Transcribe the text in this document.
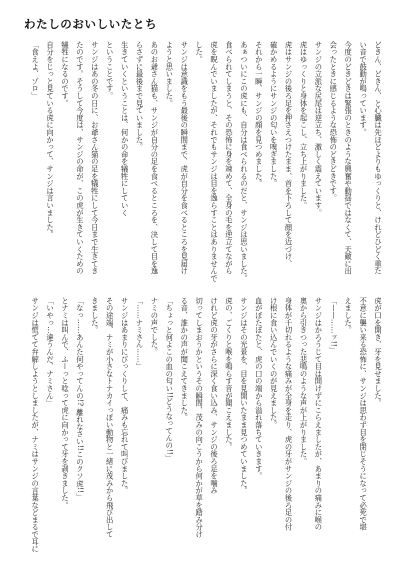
わたしのおいしいたとち
どきん、どきん、と心臓は先ほどよりもゆっくりと、けれどひどく重た
い音で鼓動が鳴っています。
今度のどきどきは緊張のときのような興奮や動揺ではなくて、天敵に出
会ったときに感じるような恐怖のどきどきです。
サンジの立派な尻尾は逆立ち、激しく震えています。
虎はゆっくりと身体を起こし、立ち上がりました。
虎はサンジの後ろ足を押さえつけたまま、首を下ろして顔を近づけ、
確かめるようにサンジの匂いを嗅ぎました。
それから一瞬、サンジの顔を見つめました。
あぁついにこの虎にも、自分は食べられるのだと、サンジは思いました。
食べられてしまうと、その恐怖に身を竦めて、全身の毛を逆立てながら
虎を睨んでいましたが、それでもサンジは目を逸らすことはありませんで
した。
サンジは意識をもう最後の瞬間まで、虎が自分を食べるところを見届け
ようと思いました。
あのお爺さん猫も、サンジが自分の足を食べるところを、決して目を逸
らさずに最後まで見ていました。
生きていくということは、何かの命を犠牲にしていく
ということです。
サンジはあの冬の日に、お爺さん猫の足を犠牲にして今日まで生きてき
たのです。そうして今度は、サンジの命が、この虎が生きていくための
犠牲になるのです。
自分をじっと見ている虎に向かって、サンジは言いました。
「食えよ、ゾロ」
虎が口を開き、牙を見せました。
不意に襲い来る恐怖に、サンジは思わず目を閉じそうになって必死で堪
えました。
「——……ッ!!」
サンジはかろうじて目は開けずにこらえましたが、あまりの痛みに喉の
奥から引きつった悲鳴のような声が上がりました。
身体が千切れるような痛みが全身を走り、虎の牙がサンジの後ろ足の付
け根に食い込んでいくのが見えました。
血がぼたぼたと、虎の口の端から溢れ落ちていきます。
サンジはその光景を、目を見開いたまま見つめていました。
虎の、ごくりと喉を鳴らす音が聞こえました。
けれど虎の牙がさらに深く食い込み、サンジの後ろ足を噛み
切ってしまおうかというその瞬間、茂みの向こうから何かが草を踏み分け
る音、誰かの声が聞こえてきました。
「ちょっと何よこの血の匂い!!どうなってんの!!」
ナミの声でした。
「……ナミさん……」
サンジはあまりにびっくりして、痛みも忘れて叫びました。
その途端、ナミが小さなトナカイっぽい動物と一緒に茂みから飛び出して
きました。
「なっ……あんた何やってんの!? 離れなさい!!このクソ虎!!」
とナミは叫んで、ふーっと唸って虎に向かって牙を剥きました。
「いやっ…違うんだ、ナミさん」
サンジは慌てて弁解しようとしましたが、ナミはサンジの言葉などまるで耳に
